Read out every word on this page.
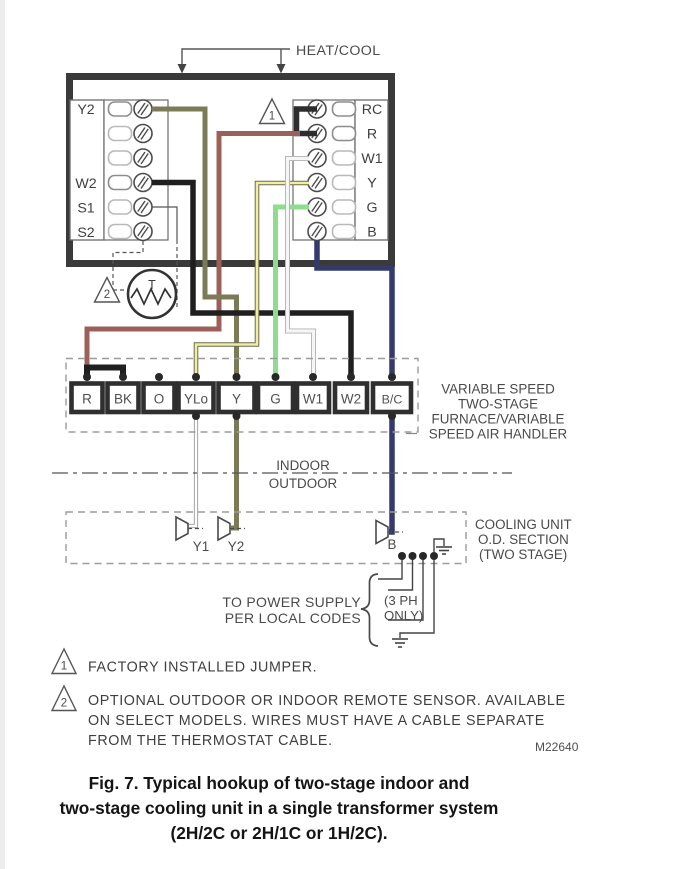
HEAT/COOL
Y2
W2
S1
S2
RC
R
W1
Y
G
B
1
T
2
R BK O YLo Y G W1 W2 B/C
VARIABLE SPEED
TWO-STAGE
FURNACE/VARIABLE
SPEED AIR HANDLER
INDOOR
OUTDOOR
Y1 Y2	B
COOLING UNIT
O.D. SECTION
(TWO STAGE)
TO POWER SUPPLY
PER LOCAL CODES
(3 PH
ONLY)
1 FACTORY INSTALLED JUMPER.
2 OPTIONAL OUTDOOR OR INDOOR REMOTE SENSOR. AVAILABLE
ON SELECT MODELS. WIRES MUST HAVE A CABLE SEPARATE
FROM THE THERMOSTAT CABLE.	M22640
Fig. 7. Typical hookup of two-stage indoor and
two-stage cooling unit in a single transformer system
(2H/2C or 2H/1C or 1H/2C).
